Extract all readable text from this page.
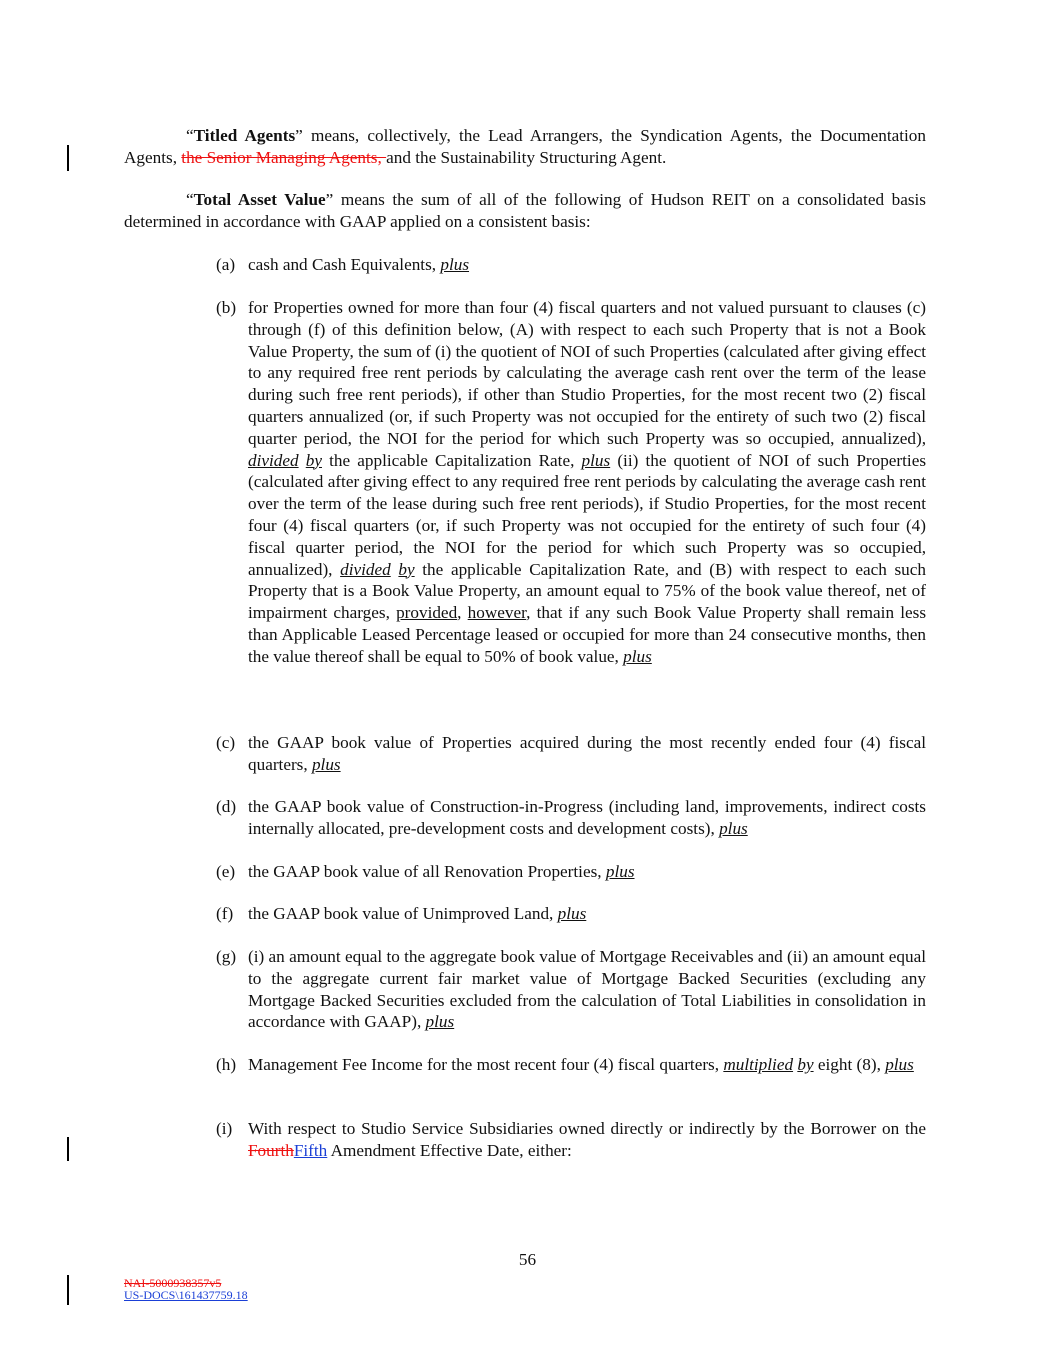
“Titled Agents” means, collectively, the Lead Arrangers, the Syndication Agents, the Documentation Agents, the Senior Managing Agents, and the Sustainability Structuring Agent.

“Total Asset Value” means the sum of all of the following of Hudson REIT on a consolidated basis determined in accordance with GAAP applied on a consistent basis:

(a) cash and Cash Equivalents, plus
(b) for Properties owned for more than four (4) fiscal quarters and not valued pursuant to clauses (c) through (f) of this definition below, (A) with respect to each such Property that is not a Book Value Property, the sum of (i) the quotient of NOI of such Properties (calculated after giving effect to any required free rent periods by calculating the average cash rent over the term of the lease during such free rent periods), if other than Studio Properties, for the most recent two (2) fiscal quarters annualized (or, if such Property was not occupied for the entirety of such two (2) fiscal quarter period, the NOI for the period for which such Property was so occupied, annualized), divided by the applicable Capitalization Rate, plus (ii) the quotient of NOI of such Properties (calculated after giving effect to any required free rent periods by calculating the average cash rent over the term of the lease during such free rent periods), if Studio Properties, for the most recent four (4) fiscal quarters (or, if such Property was not occupied for the entirety of such four (4) fiscal quarter period, the NOI for the period for which such Property was so occupied, annualized), divided by the applicable Capitalization Rate, and (B) with respect to each such Property that is a Book Value Property, an amount equal to 75% of the book value thereof, net of impairment charges, provided, however, that if any such Book Value Property shall remain less than Applicable Leased Percentage leased or occupied for more than 24 consecutive months, then the value thereof shall be equal to 50% of book value, plus
(c) the GAAP book value of Properties acquired during the most recently ended four (4) fiscal quarters, plus
(d) the GAAP book value of Construction-in-Progress (including land, improvements, indirect costs internally allocated, pre-development costs and development costs), plus
(e) the GAAP book value of all Renovation Properties, plus
(f) the GAAP book value of Unimproved Land, plus
(g) (i) an amount equal to the aggregate book value of Mortgage Receivables and (ii) an amount equal to the aggregate current fair market value of Mortgage Backed Securities (excluding any Mortgage Backed Securities excluded from the calculation of Total Liabilities in consolidation in accordance with GAAP), plus
(h) Management Fee Income for the most recent four (4) fiscal quarters, multiplied by eight (8), plus
(i) With respect to Studio Service Subsidiaries owned directly or indirectly by the Borrower on the FourthFifth Amendment Effective Date, either:
56
NAI-5000938357v5
US-DOCS\161437759.18
